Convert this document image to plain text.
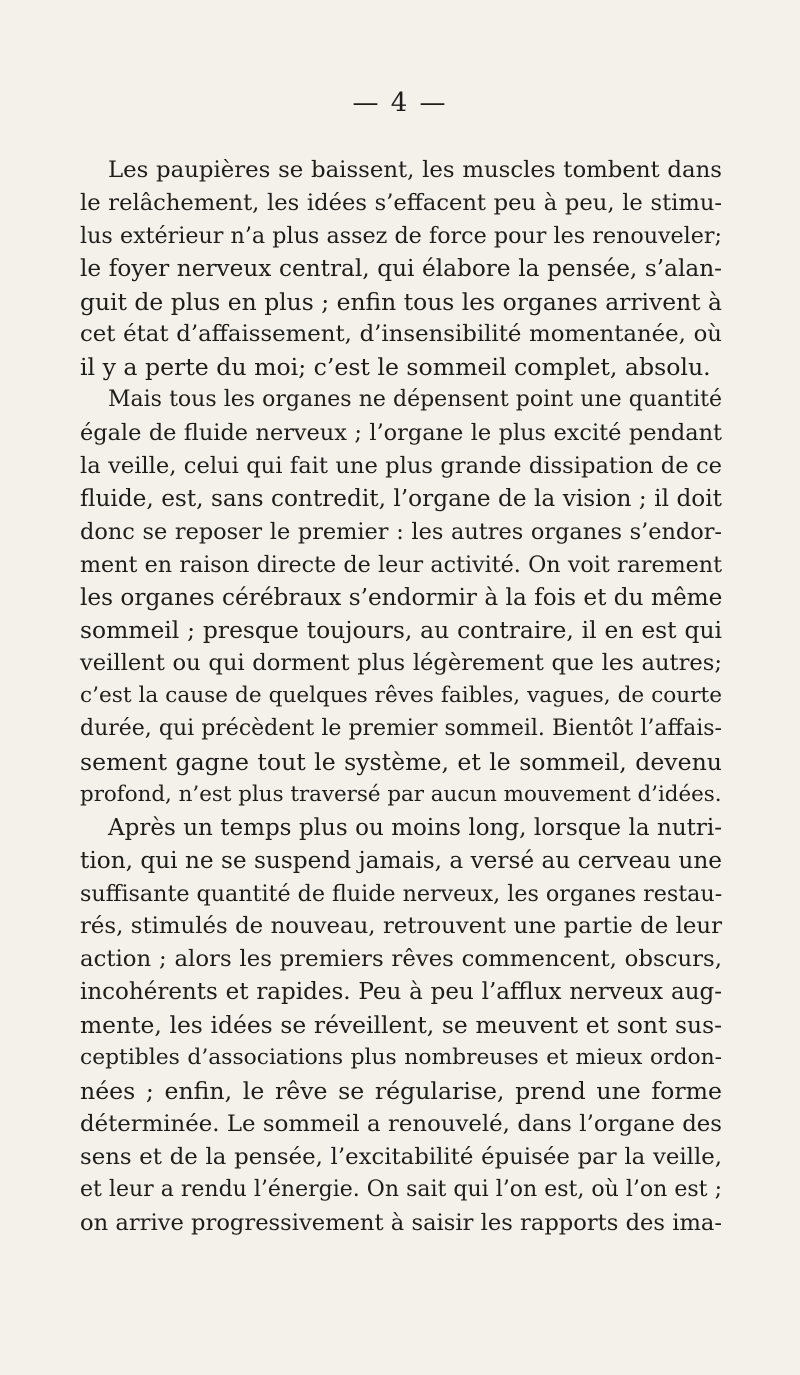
— 4 —
Les paupières se baissent, les muscles tombent dans
le relâchement, les idées s’effacent peu à peu, le stimu-
lus extérieur n’a plus assez de force pour les renouveler;
le foyer nerveux central, qui élabore la pensée, s’alan-
guit de plus en plus ; enfin tous les organes arrivent à
cet état d’affaissement, d’insensibilité momentanée, où
il y a perte du moi; c’est le sommeil complet, absolu.
Mais tous les organes ne dépensent point une quantité
égale de fluide nerveux ; l’organe le plus excité pendant
la veille, celui qui fait une plus grande dissipation de ce
fluide, est, sans contredit, l’organe de la vision ; il doit
donc se reposer le premier : les autres organes s’endor-
ment en raison directe de leur activité. On voit rarement
les organes cérébraux s’endormir à la fois et du même
sommeil ; presque toujours, au contraire, il en est qui
veillent ou qui dorment plus légèrement que les autres;
c’est la cause de quelques rêves faibles, vagues, de courte
durée, qui précèdent le premier sommeil. Bientôt l’affais-
sement gagne tout le système, et le sommeil, devenu
profond, n’est plus traversé par aucun mouvement d’idées.
Après un temps plus ou moins long, lorsque la nutri-
tion, qui ne se suspend jamais, a versé au cerveau une
suffisante quantité de fluide nerveux, les organes restau-
rés, stimulés de nouveau, retrouvent une partie de leur
action ; alors les premiers rêves commencent, obscurs,
incohérents et rapides. Peu à peu l’afflux nerveux aug-
mente, les idées se réveillent, se meuvent et sont sus-
ceptibles d’associations plus nombreuses et mieux ordon-
nées ; enfin, le rêve se régularise, prend une forme
déterminée. Le sommeil a renouvelé, dans l’organe des
sens et de la pensée, l’excitabilité épuisée par la veille,
et leur a rendu l’énergie. On sait qui l’on est, où l’on est ;
on arrive progressivement à saisir les rapports des ima-
